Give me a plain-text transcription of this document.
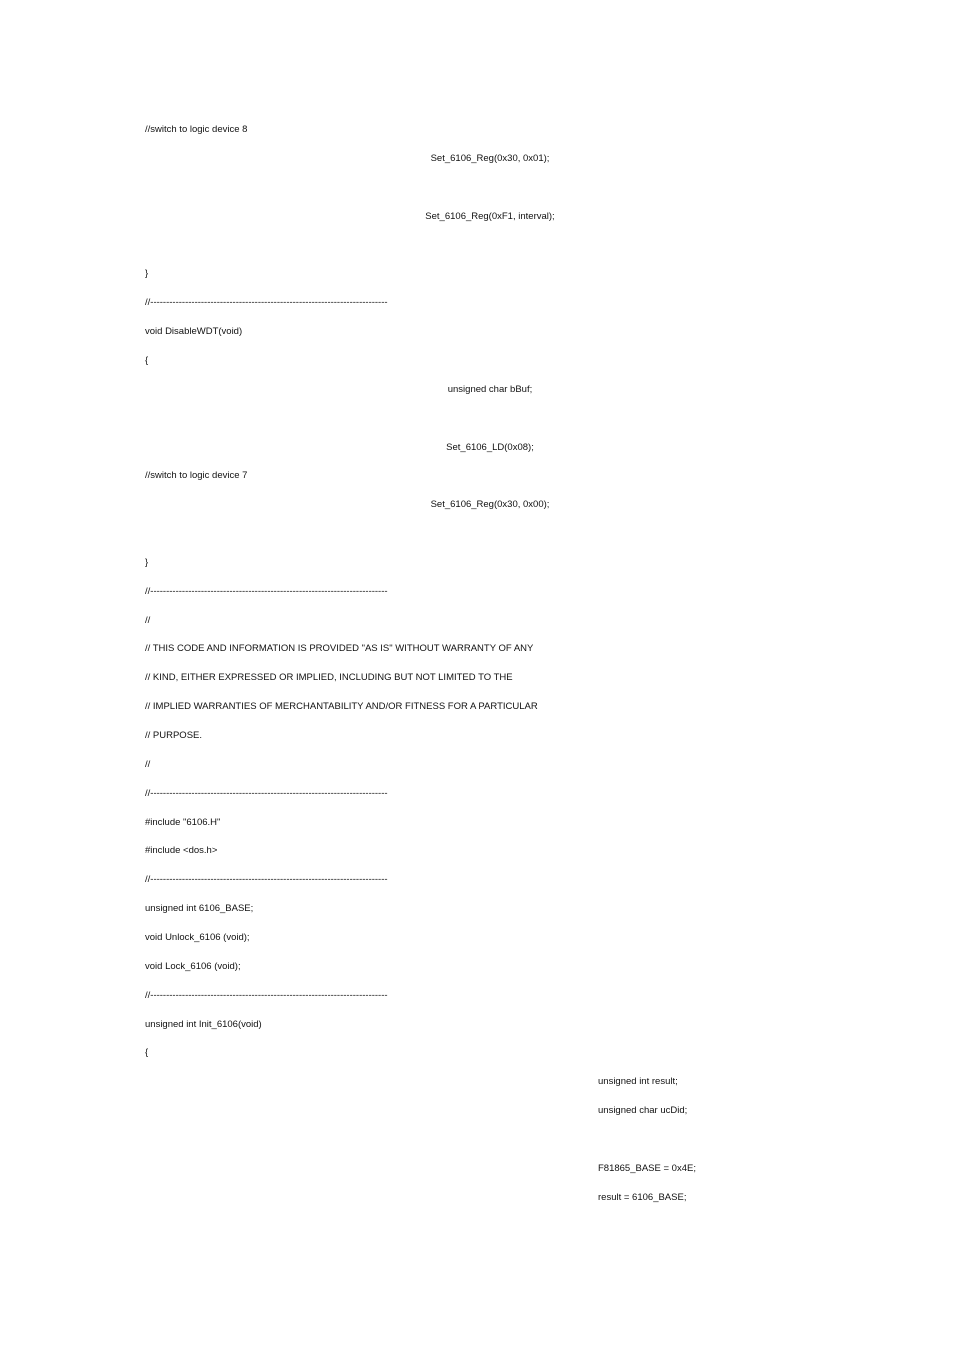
//switch to logic device 8
Set_6106_Reg(0x30, 0x01);
Set_6106_Reg(0xF1, interval);
}
//---------------------------------------------------------------------------
void DisableWDT(void)
{
unsigned char bBuf;
Set_6106_LD(0x08);
//switch to logic device 7
Set_6106_Reg(0x30, 0x00);
}
//---------------------------------------------------------------------------
//
// THIS CODE AND INFORMATION IS PROVIDED "AS IS" WITHOUT WARRANTY OF ANY
// KIND, EITHER EXPRESSED OR IMPLIED, INCLUDING BUT NOT LIMITED TO THE
// IMPLIED WARRANTIES OF MERCHANTABILITY AND/OR FITNESS FOR A PARTICULAR
// PURPOSE.
//
//---------------------------------------------------------------------------
#include "6106.H"
#include <dos.h>
//---------------------------------------------------------------------------
unsigned int 6106_BASE;
void Unlock_6106 (void);
void Lock_6106 (void);
//---------------------------------------------------------------------------
unsigned int Init_6106(void)
{
unsigned int result;
unsigned char ucDid;
F81865_BASE = 0x4E;
result = 6106_BASE;
